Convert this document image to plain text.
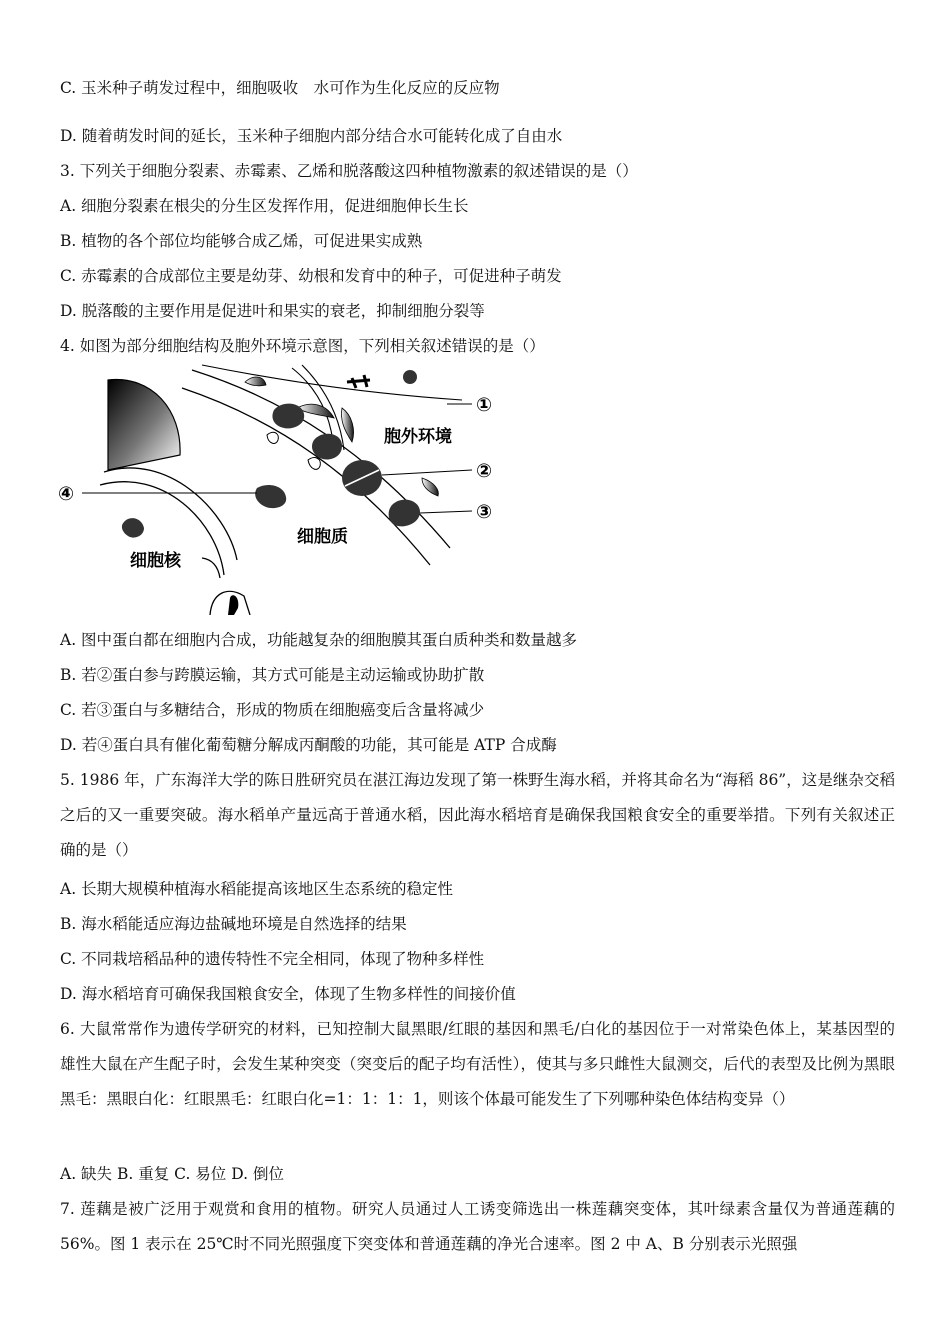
C. 玉米种子萌发过程中，细胞吸收　水可作为生化反应的反应物
D. 随着萌发时间的延长，玉米种子细胞内部分结合水可能转化成了自由水
3. 下列关于细胞分裂素、赤霉素、乙烯和脱落酸这四种植物激素的叙述错误的是（）
A. 细胞分裂素在根尖的分生区发挥作用，促进细胞伸长生长
B. 植物的各个部位均能够合成乙烯，可促进果实成熟
C. 赤霉素的合成部位主要是幼芽、幼根和发育中的种子，可促进种子萌发
D. 脱落酸的主要作用是促进叶和果实的衰老，抑制细胞分裂等
4. 如图为部分细胞结构及胞外环境示意图，下列相关叙述错误的是（）
①
②
③
④
胞外环境
细胞质
细胞核
A. 图中蛋白都在细胞内合成，功能越复杂的细胞膜其蛋白质种类和数量越多
B. 若②蛋白参与跨膜运输，其方式可能是主动运输或协助扩散
C. 若③蛋白与多糖结合，形成的物质在细胞癌变后含量将减少
D. 若④蛋白具有催化葡萄糖分解成丙酮酸的功能，其可能是 ATP 合成酶
5. 1986 年，广东海洋大学的陈日胜研究员在湛江海边发现了第一株野生海水稻，并将其命名为“海稻 86”，这是继杂交稻之后的又一重要突破。海水稻单产量远高于普通水稻，因此海水稻培育是确保我国粮食安全的重要举措。下列有关叙述正确的是（）
A. 长期大规模种植海水稻能提高该地区生态系统的稳定性
B. 海水稻能适应海边盐碱地环境是自然选择的结果
C. 不同栽培稻品种的遗传特性不完全相同，体现了物种多样性
D. 海水稻培育可确保我国粮食安全，体现了生物多样性的间接价值
6. 大鼠常常作为遗传学研究的材料，已知控制大鼠黑眼/红眼的基因和黑毛/白化的基因位于一对常染色体上，某基因型的雄性大鼠在产生配子时，会发生某种突变（突变后的配子均有活性），使其与多只雌性大鼠测交，后代的表型及比例为黑眼黑毛：黑眼白化：红眼黑毛：红眼白化=1：1：1：1，则该个体最可能发生了下列哪种染色体结构变异（）
A. 缺失 B. 重复 C. 易位 D. 倒位
7. 莲藕是被广泛用于观赏和食用的植物。研究人员通过人工诱变筛选出一株莲藕突变体，其叶绿素含量仅为普通莲藕的 56%。图 1 表示在 25℃时不同光照强度下突变体和普通莲藕的净光合速率。图 2 中 A、B 分别表示光照强
